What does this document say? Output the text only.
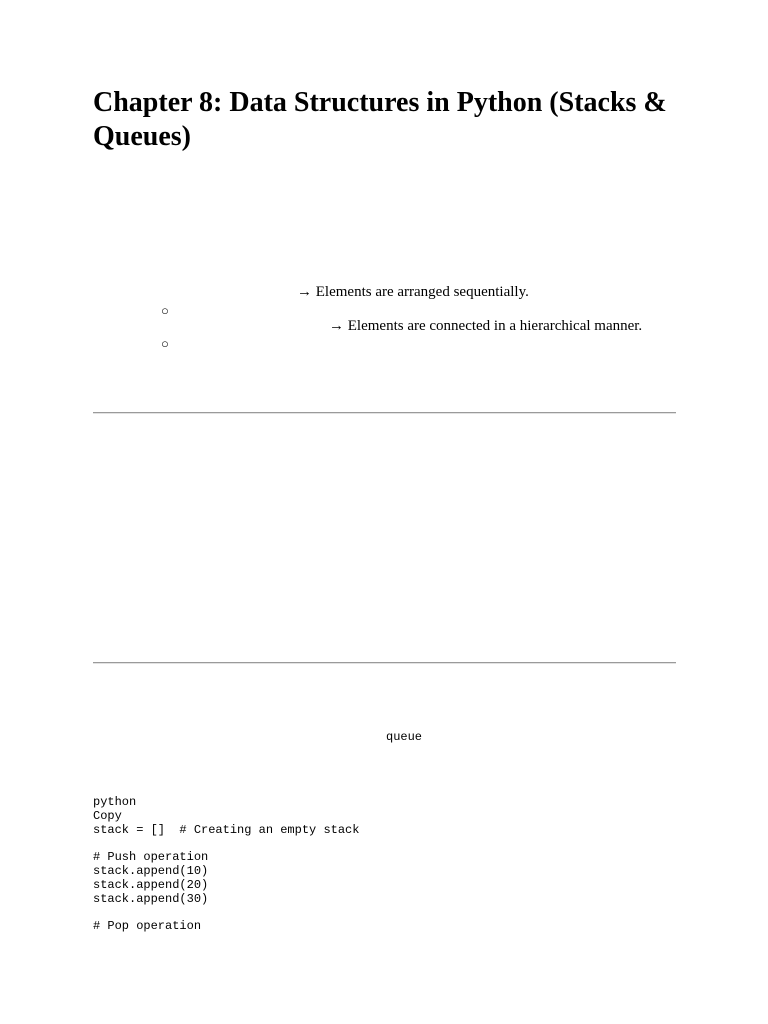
Chapter 8: Data Structures in Python (Stacks & Queues)
→ Elements are arranged sequentially.
○
→ Elements are connected in a hierarchical manner.
○
queue
python
Copy
stack = []  # Creating an empty stack
# Push operation
stack.append(10)
stack.append(20)
stack.append(30)
# Pop operation
